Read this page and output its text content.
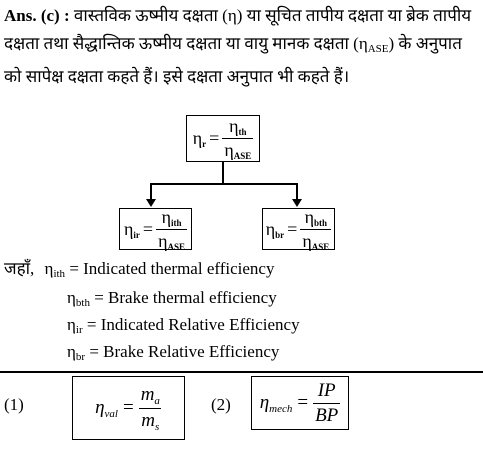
Ans. (c) : वास्तविक ऊष्मीय दक्षता (η) या सूचित तापीय दक्षता या ब्रेक तापीय दक्षता तथा सैद्धान्तिक ऊष्मीय दक्षता या वायु मानक दक्षता $(\eta_{ASE})$ के अनुपात को सापेक्ष दक्षता कहते हैं। इसे दक्षता अनुपात भी कहते हैं।
$\eta_r = \frac{\eta_{th}}{\eta_{ASE}}$
$\eta_{ir} = \frac{\eta_{ith}}{\eta_{ASE}}$	$\eta_{br} = \frac{\eta_{bth}}{\eta_{ASE}}$
जहाँ, $\eta_{ith}$ = Indicated thermal efficiency
$\eta_{bth}$ = Brake thermal efficiency
$\eta_{ir}$ = Indicated Relative Efficiency
$\eta_{br}$ = Brake Relative Efficiency
(1)	$\eta_{val} = \frac{m_a}{m_s}$	(2) $\eta_{mech} = \frac{IP}{BP}$
